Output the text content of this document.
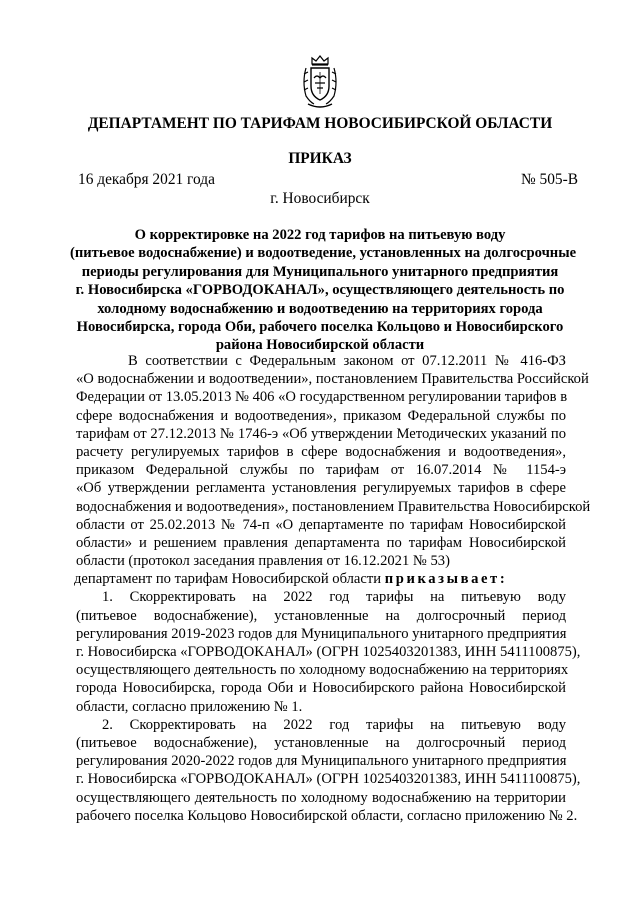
ДЕПАРТАМЕНТ ПО ТАРИФАМ НОВОСИБИРСКОЙ ОБЛАСТИ
ПРИКАЗ
16 декабря 2021 года	№ 505-В
г. Новосибирск
О корректировке на 2022 год тарифов на питьевую воду
(питьевое водоснабжение) и водоотведение, установленных на долгосрочные
периоды регулирования для Муниципального унитарного предприятия
г. Новосибирска «ГОРВОДОКАНАЛ», осуществляющего деятельность по
холодному водоснабжению и водоотведению на территориях города
Новосибирска, города Оби, рабочего поселка Кольцово и Новосибирского
района Новосибирской области
В соответствии с Федеральным законом от 07.12.2011 № 416-ФЗ
«О водоснабжении и водоотведении», постановлением Правительства Российской
Федерации от 13.05.2013 № 406 «О государственном регулировании тарифов в
сфере водоснабжения и водоотведения», приказом Федеральной службы по
тарифам от 27.12.2013 № 1746-э «Об утверждении Методических указаний по
расчету регулируемых тарифов в сфере водоснабжения и водоотведения»,
приказом Федеральной службы по тарифам от 16.07.2014 № 1154-э
«Об утверждении регламента установления регулируемых тарифов в сфере
водоснабжения и водоотведения», постановлением Правительства Новосибирской
области от 25.02.2013 № 74-п «О департаменте по тарифам Новосибирской
области» и решением правления департамента по тарифам Новосибирской
области (протокол заседания правления от 16.12.2021 № 53)
департамент по тарифам Новосибирской области приказывает:
1. Скорректировать на 2022 год тарифы на питьевую воду
(питьевое водоснабжение), установленные на долгосрочный период
регулирования 2019-2023 годов для Муниципального унитарного предприятия
г. Новосибирска «ГОРВОДОКАНАЛ» (ОГРН 1025403201383, ИНН 5411100875),
осуществляющего деятельность по холодному водоснабжению на территориях
города Новосибирска, города Оби и Новосибирского района Новосибирской
области, согласно приложению № 1.
2. Скорректировать на 2022 год тарифы на питьевую воду
(питьевое водоснабжение), установленные на долгосрочный период
регулирования 2020-2022 годов для Муниципального унитарного предприятия
г. Новосибирска «ГОРВОДОКАНАЛ» (ОГРН 1025403201383, ИНН 5411100875),
осуществляющего деятельность по холодному водоснабжению на территории
рабочего поселка Кольцово Новосибирской области, согласно приложению № 2.
